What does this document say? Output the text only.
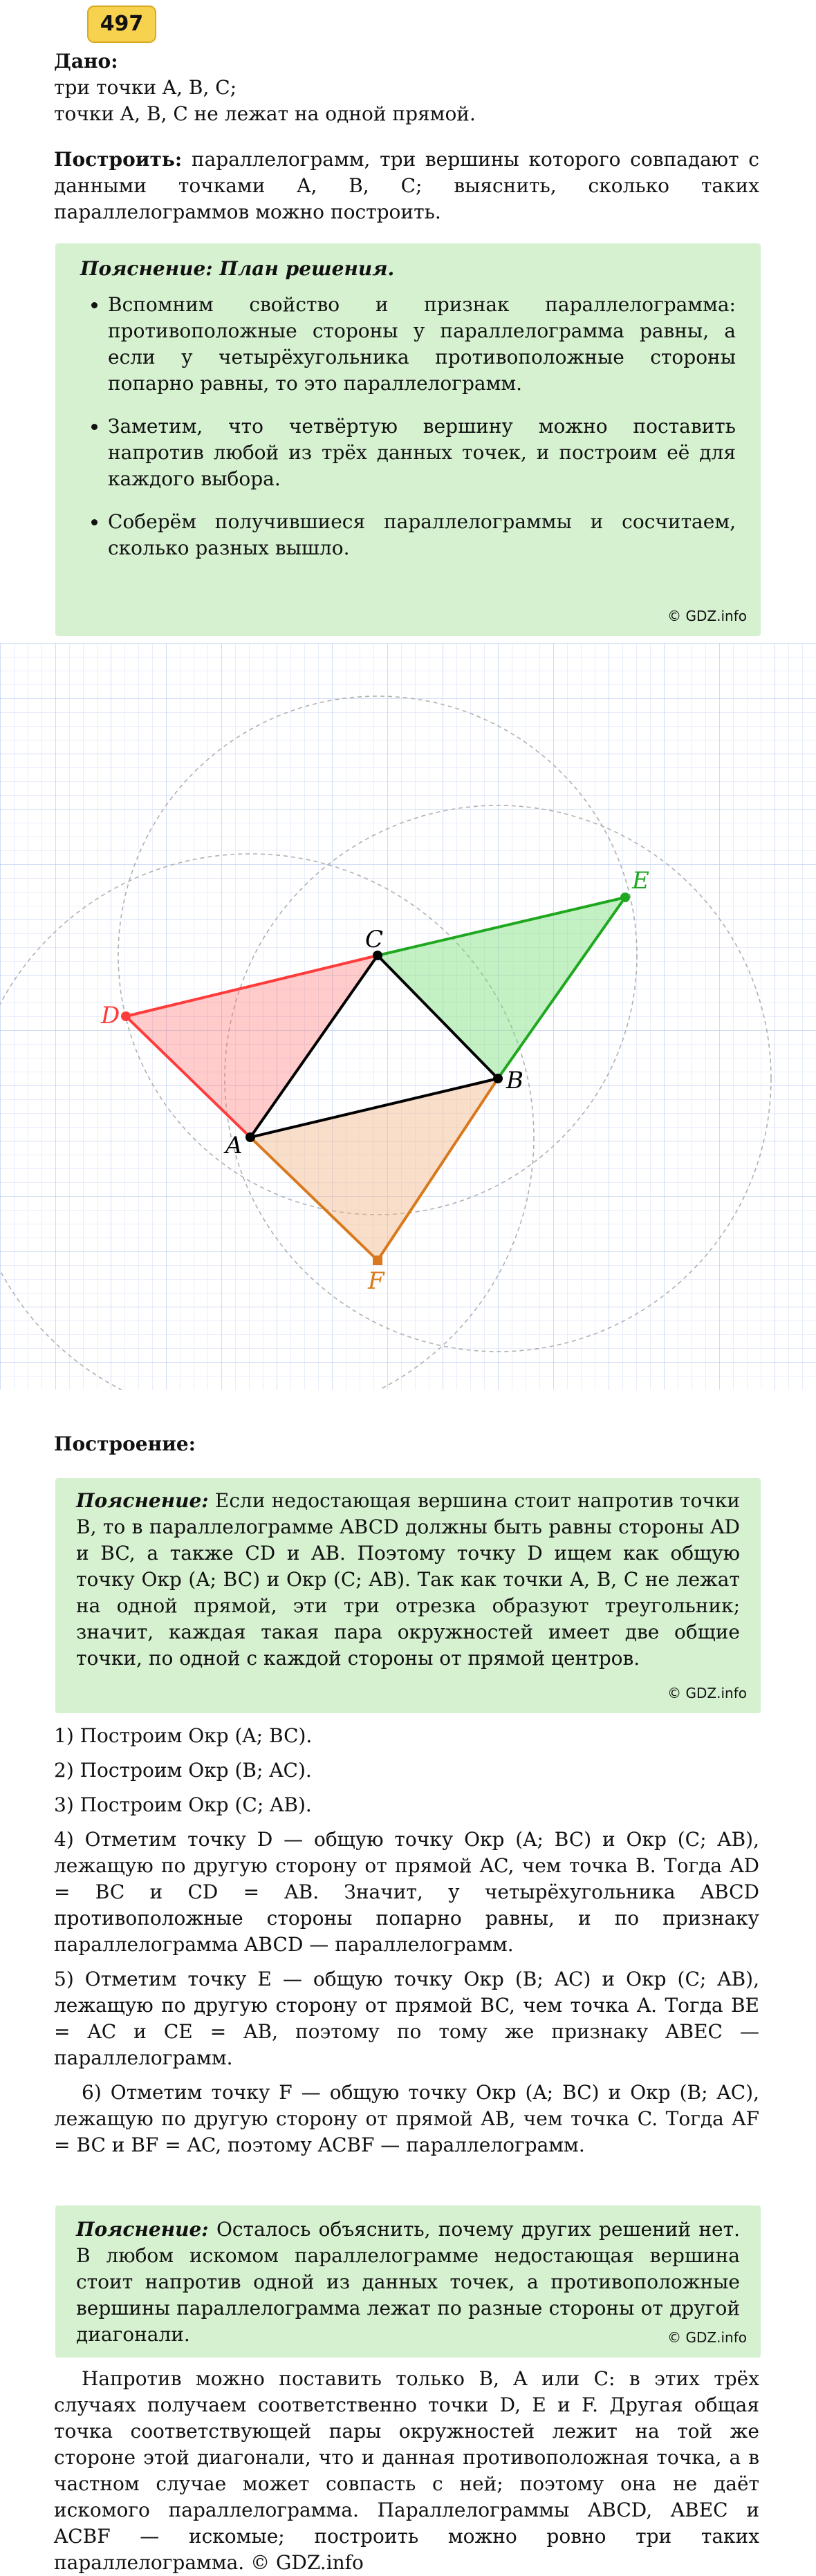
497
Дано:
три точки A, B, C;
точки A, B, C не лежат на одной прямой.
Построить: параллелограмм, три вершины которого совпадают с данными точками A, B, C; выяснить, сколько таких параллелограммов можно построить.
Пояснение: План решения.
• Вспомним свойство и признак параллелограмма: противоположные стороны у параллелограмма равны, а если у четырёхугольника противоположные стороны попарно равны, то это параллелограмм.
• Заметим, что четвёртую вершину можно поставить напротив любой из трёх данных точек, и построим её для каждого выбора.
• Соберём получившиеся параллелограммы и сосчитаем, сколько разных вышло.
© GDZ.info
A
B
C
D
E
F
Построение:
Пояснение: Если недостающая вершина стоит напротив точки B, то в параллелограмме ABCD должны быть равны стороны AD и BC, а также CD и AB. Поэтому точку D ищем как общую точку Окр (A; BC) и Окр (C; AB). Так как точки A, B, C не лежат на одной прямой, эти три отрезка образуют треугольник; значит, каждая такая пара окружностей имеет две общие точки, по одной с каждой стороны от прямой центров.
© GDZ.info
1) Построим Окр (A; BC).
2) Построим Окр (B; AC).
3) Построим Окр (C; AB).
4) Отметим точку D — общую точку Окр (A; BC) и Окр (C; AB), лежащую по другую сторону от прямой AC, чем точка B. Тогда AD = BC и CD = AB. Значит, у четырёхугольника ABCD противоположные стороны попарно равны, и по признаку параллелограмма ABCD — параллелограмм.
5) Отметим точку E — общую точку Окр (B; AC) и Окр (C; AB), лежащую по другую сторону от прямой BC, чем точка A. Тогда BE = AC и CE = AB, поэтому по тому же признаку ABEC — параллелограмм.
6) Отметим точку F — общую точку Окр (A; BC) и Окр (B; AC), лежащую по другую сторону от прямой AB, чем точка C. Тогда AF = BC и BF = AC, поэтому ACBF — параллелограмм.
Пояснение: Осталось объяснить, почему других решений нет. В любом искомом параллелограмме недостающая вершина стоит напротив одной из данных точек, а противоположные вершины параллелограмма лежат по разные стороны от другой диагонали.	© GDZ.info
Напротив можно поставить только B, A или C: в этих трёх случаях получаем соответственно точки D, E и F. Другая общая точка соответствующей пары окружностей лежит на той же стороне этой диагонали, что и данная противоположная точка, а в частном случае может совпасть с ней; поэтому она не даёт искомого параллелограмма. Параллелограммы ABCD, ABEC и ACBF — искомые; построить можно ровно три таких параллелограмма. © GDZ.info
